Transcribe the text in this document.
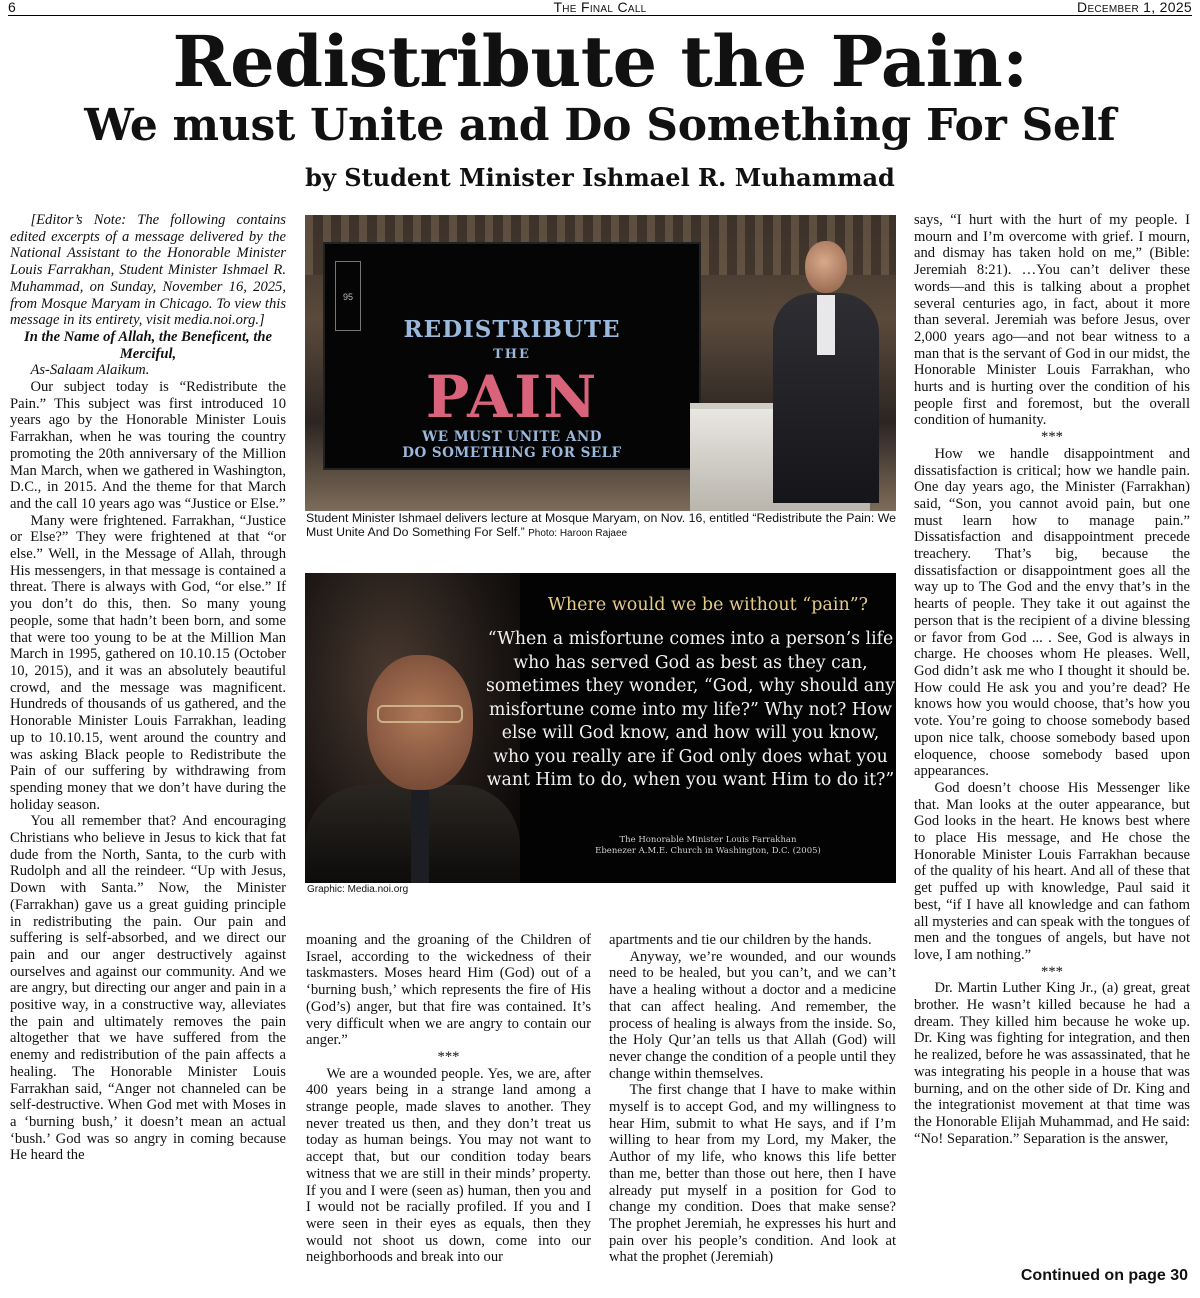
6	The Final Call	December 1, 2025
Redistribute the Pain:
We must Unite and Do Something For Self
by Student Minister Ishmael R. Muhammad

[Editor’s Note: The following contains edited excerpts of a message delivered by the National Assistant to the Honorable Minister Louis Farrakhan, Student Minister Ishmael R. Muhammad, on Sunday, November 16, 2025, from Mosque Maryam in Chicago. To view this message in its entirety, visit media.noi.org.]

In the Name of Allah, the Beneficent, the Merciful,

As-Salaam Alaikum.

Our subject today is “Redistribute the Pain.” This subject was first introduced 10 years ago by the Honorable Minister Louis Farrakhan, when he was touring the country promoting the 20th anniversary of the Million Man March, when we gathered in Washington, D.C., in 2015. And the theme for that March and the call 10 years ago was “Justice or Else.”

Many were frightened. Farrakhan, “Justice or Else?” They were frightened at that “or else.” Well, in the Message of Allah, through His messengers, in that message is contained a threat. There is always with God, “or else.” If you don’t do this, then. So many young people, some that hadn’t been born, and some that were too young to be at the Million Man March in 1995, gathered on 10.10.15 (October 10, 2015), and it was an absolutely beautiful crowd, and the message was magnificent. Hundreds of thousands of us gathered, and the Honorable Minister Louis Farrakhan, leading up to 10.10.15, went around the country and was asking Black people to Redistribute the Pain of our suffering by withdrawing from spending money that we don’t have during the holiday season.

You all remember that? And encouraging Christians who believe in Jesus to kick that fat dude from the North, Santa, to the curb with Rudolph and all the reindeer. “Up with Jesus, Down with Santa.” Now, the Minister (Farrakhan) gave us a great guiding principle in redistributing the pain. Our pain and suffering is self-absorbed, and we direct our pain and our anger destructively against ourselves and against our community. And we are angry, but directing our anger and pain in a positive way, in a constructive way, alleviates the pain and ultimately removes the pain altogether that we have suffered from the enemy and redistribution of the pain affects a healing. The Honorable Minister Louis Farrakhan said, “Anger not channeled can be self-destructive. When God met with Moses in a ‘burning bush,’ it doesn’t mean an actual ‘bush.’ God was so angry in coming because He heard the

95
REDISTRIBUTE
THE
PAIN
WE MUST UNITE AND
DO SOMETHING FOR SELF
Student Minister Ishmael delivers lecture at Mosque Maryam, on Nov. 16, entitled “Redistribute the Pain: We Must Unite And Do Something For Self.” Photo: Haroon Rajaee
Where would we be without “pain”?
“When a misfortune comes into a person’s life who has served God as best as they can, sometimes they wonder, “God, why should any misfortune come into my life?” Why not? How else will God know, and how will you know, who you really are if God only does what you want Him to do, when you want Him to do it?”
The Honorable Minister Louis Farrakhan
Ebenezer A.M.E. Church in Washington, D.C. (2005)
Graphic: Media.noi.org

moaning and the groaning of the Children of Israel, according to the wickedness of their taskmasters. Moses heard Him (God) out of a ‘burning bush,’ which represents the fire of His (God’s) anger, but that fire was contained. It’s very difficult when we are angry to contain our anger.”

***

We are a wounded people. Yes, we are, after 400 years being in a strange land among a strange people, made slaves to another. They never treated us then, and they don’t treat us today as human beings. You may not want to accept that, but our condition today bears witness that we are still in their minds’ property. If you and I were (seen as) human, then you and I would not be racially profiled. If you and I were seen in their eyes as equals, then they would not shoot us down, come into our neighborhoods and break into our

apartments and tie our children by the hands.

Anyway, we’re wounded, and our wounds need to be healed, but you can’t, and we can’t have a healing without a doctor and a medicine that can affect healing. And remember, the process of healing is always from the inside. So, the Holy Qur’an tells us that Allah (God) will never change the condition of a people until they change within themselves.

The first change that I have to make within myself is to accept God, and my willingness to hear Him, submit to what He says, and if I’m willing to hear from my Lord, my Maker, the Author of my life, who knows this life better than me, better than those out here, then I have already put myself in a position for God to change my condition. Does that make sense? The prophet Jeremiah, he expresses his hurt and pain over his people’s condition. And look at what the prophet (Jeremiah)

says, “I hurt with the hurt of my people. I mourn and I’m overcome with grief. I mourn, and dismay has taken hold on me,” (Bible: Jeremiah 8:21). …You can’t deliver these words—and this is talking about a prophet several centuries ago, in fact, about it more than several. Jeremiah was before Jesus, over 2,000 years ago—and not bear witness to a man that is the servant of God in our midst, the Honorable Minister Louis Farrakhan, who hurts and is hurting over the condition of his people first and foremost, but the overall condition of humanity.

***

How we handle disappointment and dissatisfaction is critical; how we handle pain. One day years ago, the Minister (Farrakhan) said, “Son, you cannot avoid pain, but one must learn how to manage pain.” Dissatisfaction and disappointment precede treachery. That’s big, because the dissatisfaction or disappointment goes all the way up to The God and the envy that’s in the hearts of people. They take it out against the person that is the recipient of a divine blessing or favor from God ... . See, God is always in charge. He chooses whom He pleases. Well, God didn’t ask me who I thought it should be. How could He ask you and you’re dead? He knows how you would choose, that’s how you vote. You’re going to choose somebody based upon nice talk, choose somebody based upon eloquence, choose somebody based upon appearances.

God doesn’t choose His Messenger like that. Man looks at the outer appearance, but God looks in the heart. He knows best where to place His message, and He chose the Honorable Minister Louis Farrakhan because of the quality of his heart. And all of these that get puffed up with knowledge, Paul said it best, “if I have all knowledge and can fathom all mysteries and can speak with the tongues of men and the tongues of angels, but have not love, I am nothing.”

***

Dr. Martin Luther King Jr., (a) great, great brother. He wasn’t killed because he had a dream. They killed him because he woke up. Dr. King was fighting for integration, and then he realized, before he was assassinated, that he was integrating his people in a house that was burning, and on the other side of Dr. King and the integrationist movement at that time was the Honorable Elijah Muhammad, and He said: “No! Separation.” Separation is the answer,

Continued on page 30
